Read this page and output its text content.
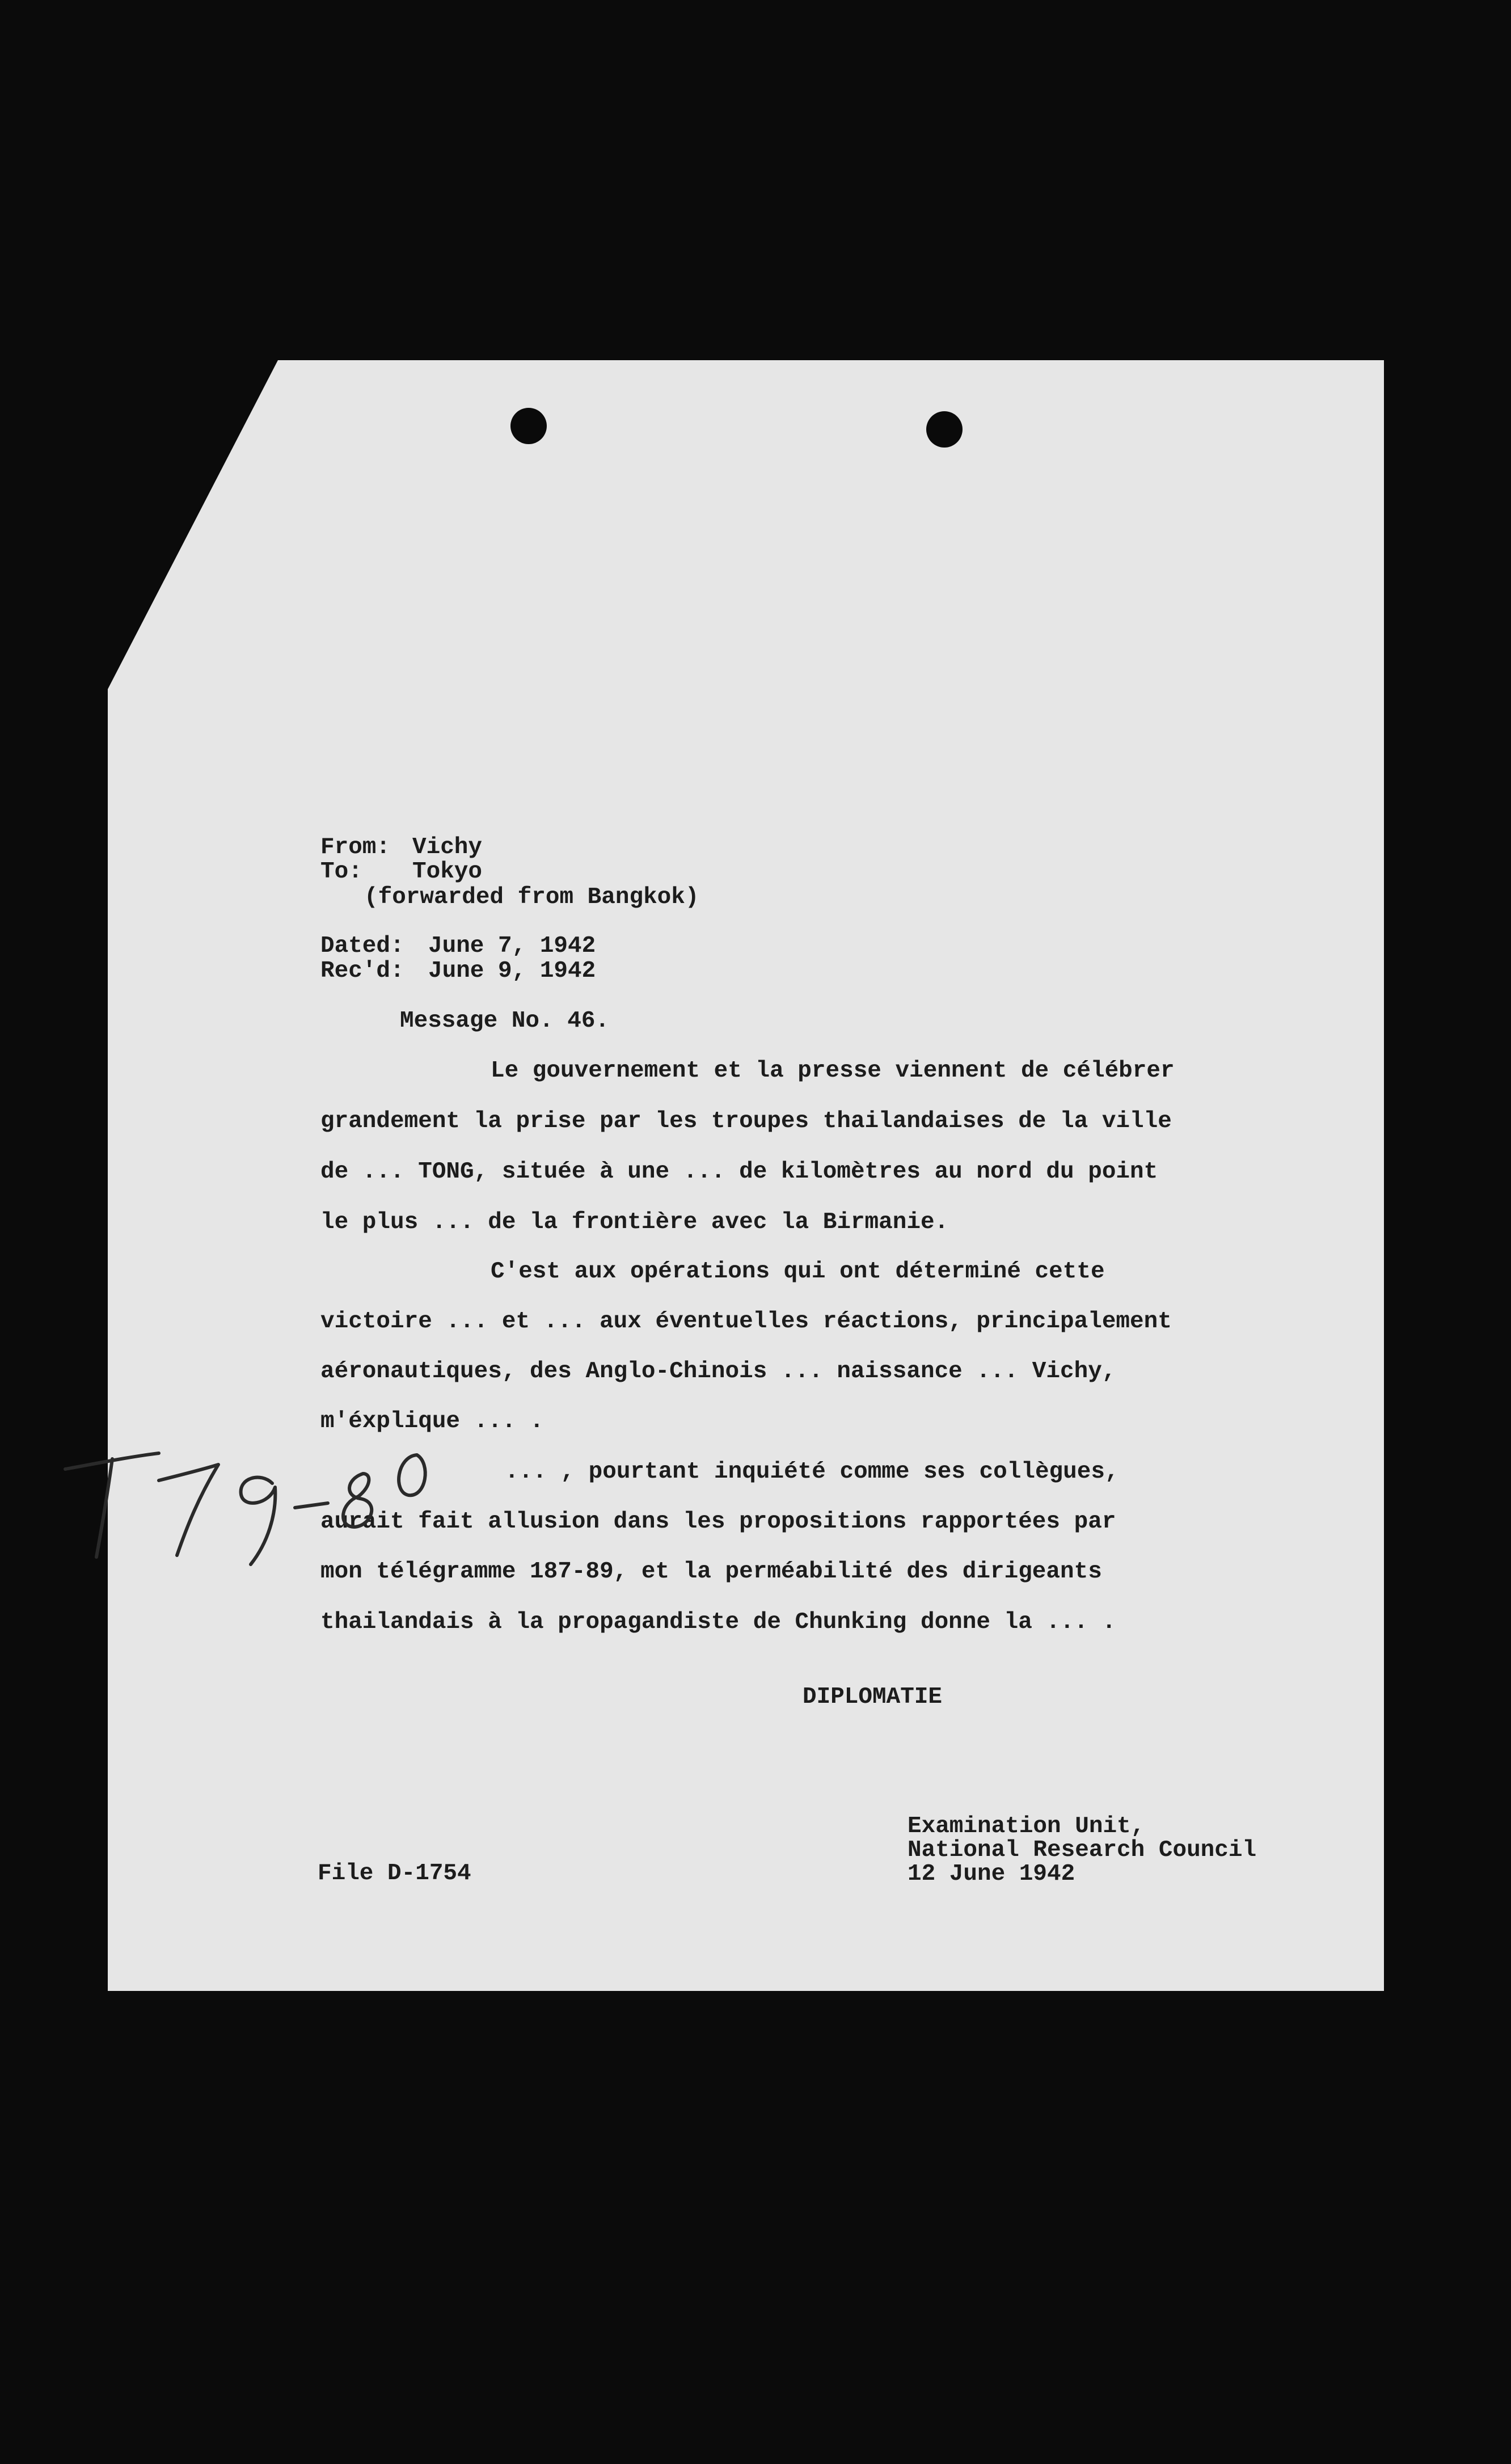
From: Vichy
To: Tokyo
(forwarded from Bangkok)
Dated: June 7, 1942
Rec'd: June 9, 1942
Message No. 46.
Le gouvernement et la presse viennent de célébrer
grandement la prise par les troupes thailandaises de la ville
de ... TONG, située à une ... de kilomètres au nord du point
le plus ... de la frontière avec la Birmanie.
C'est aux opérations qui ont déterminé cette
victoire ... et ... aux éventuelles réactions, principalement
aéronautiques, des Anglo-Chinois ... naissance ... Vichy,
m'éxplique ... .
... , pourtant inquiété comme ses collègues,
aurait fait allusion dans les propositions rapportées par
mon télégramme 187-89, et la perméabilité des dirigeants
thailandais à la propagandiste de Chunking donne la ... .
DIPLOMATIE
File D-1754
Examination Unit,
National Research Council
12 June 1942
